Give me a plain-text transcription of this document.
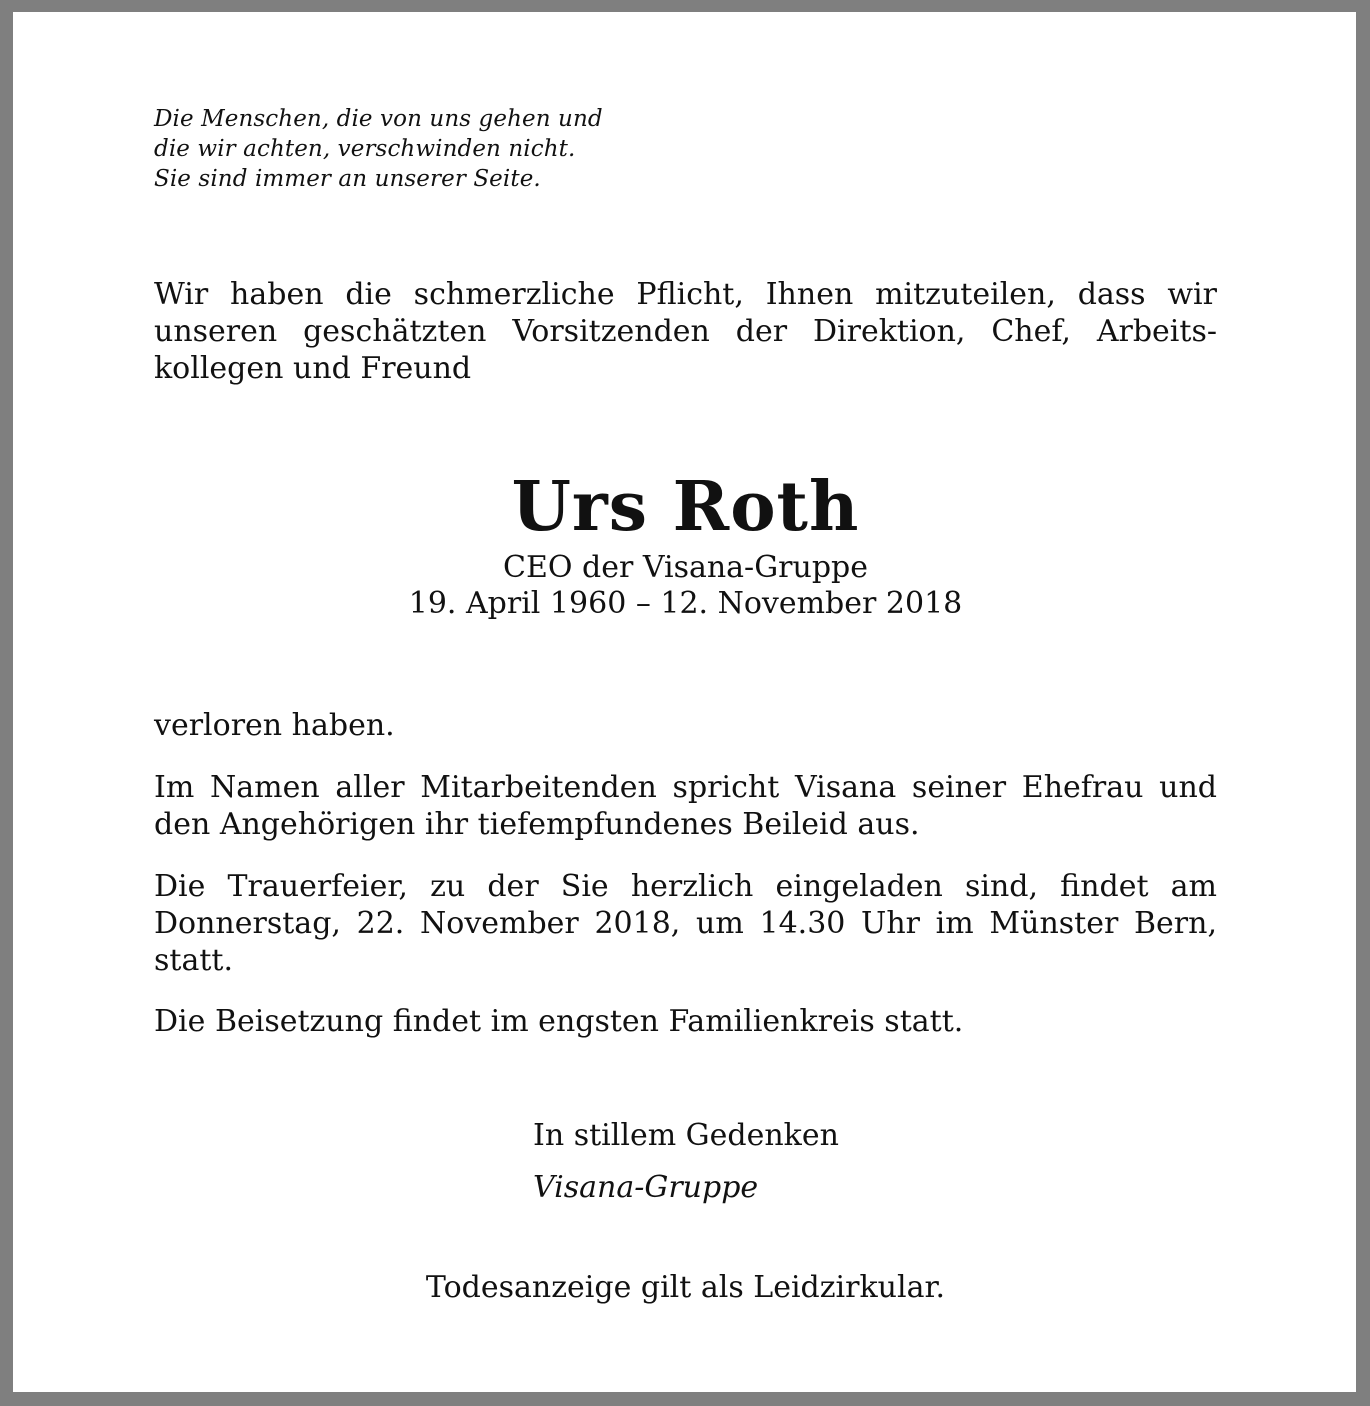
Die Menschen, die von uns gehen und
die wir achten, verschwinden nicht.
Sie sind immer an unserer Seite.

Wir haben die schmerzliche Pflicht, Ihnen mitzuteilen, dass wir unseren geschätzten Vorsitzenden der Direktion, Chef, Arbeitskollegen und Freund

Urs Roth

CEO der Visana-Gruppe

19. April 1960 – 12. November 2018

verloren haben.

Im Namen aller Mitarbeitenden spricht Visana seiner Ehefrau und den Angehörigen ihr tiefempfundenes Beileid aus.

Die Trauerfeier, zu der Sie herzlich eingeladen sind, findet am Donnerstag, 22. November 2018, um 14.30 Uhr im Münster Bern, statt.

Die Beisetzung findet im engsten Familienkreis statt.

In stillem Gedenken
Visana-Gruppe
Todesanzeige gilt als Leidzirkular.
